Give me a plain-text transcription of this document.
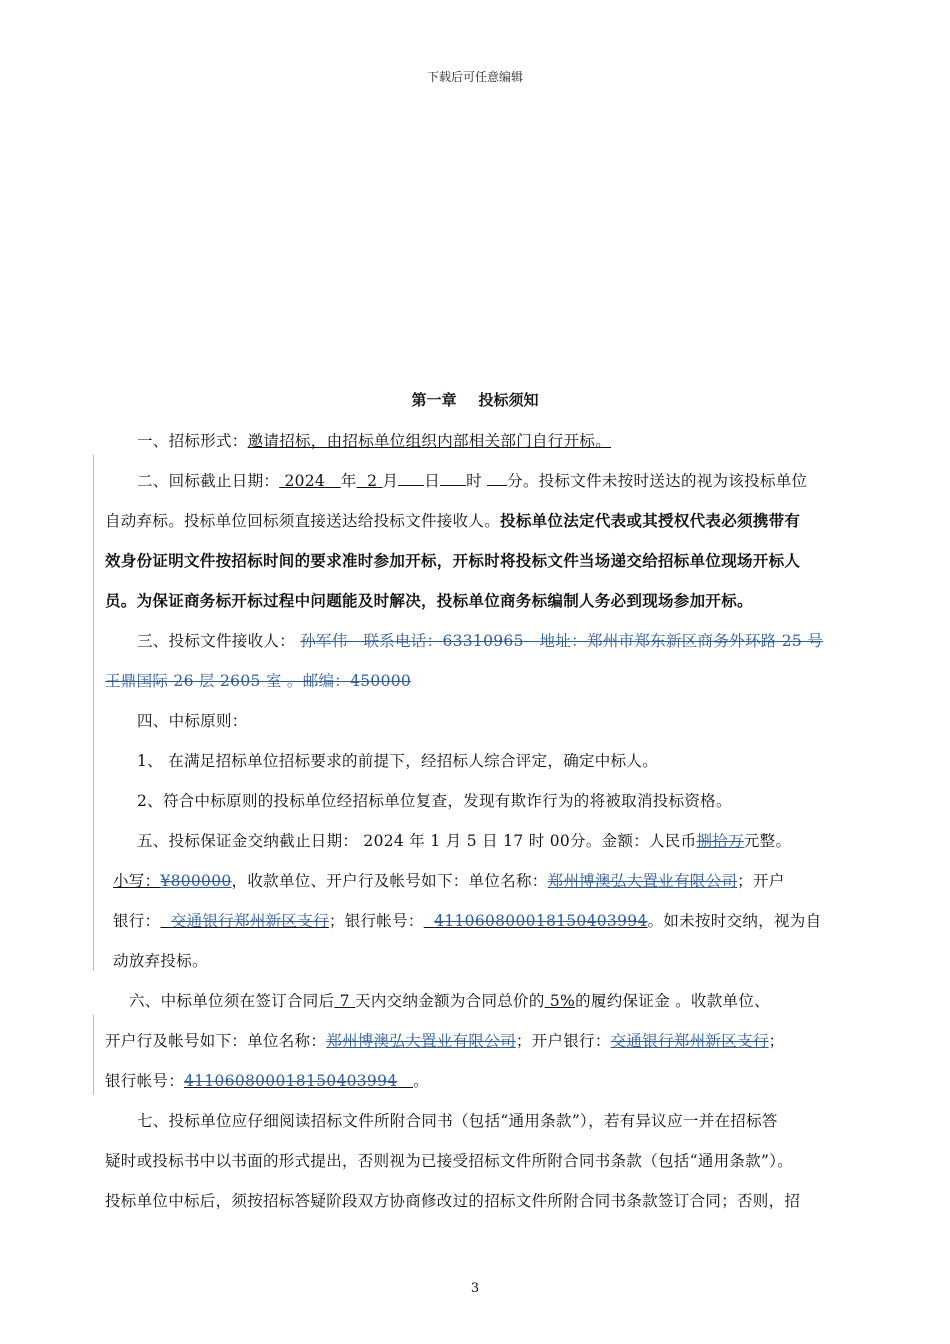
下载后可任意编辑
第一章 投标须知
一、招标形式：邀请招标，由招标单位组织内部相关部门自行开标。
二、回标截止日期： 2024 年 2 月 日 时 分。投标文件未按时送达的视为该投标单位
自动弃标。投标单位回标须直接送达给投标文件接收人。投标单位法定代表或其授权代表必须携带有
效身份证明文件按招标时间的要求准时参加开标，开标时将投标文件当场递交给招标单位现场开标人
员。为保证商务标开标过程中问题能及时解决，投标单位商务标编制人务必到现场参加开标。
三、投标文件接收人： 孙军伟　联系电话：63310965　地址：郑州市郑东新区商务外环路 25 号
王鼎国际 26 层 2605 室 。邮编：450000
四、中标原则：
1、 在满足招标单位招标要求的前提下，经招标人综合评定，确定中标人。
2、符合中标原则的投标单位经招标单位复查，发现有欺诈行为的将被取消投标资格。
五、投标保证金交纳截止日期： 2024 年 1 月 5 日 17 时 00分。金额：人民币捌拾万元整。
小写：¥800000，收款单位、开户行及帐号如下：单位名称：郑州博澳弘大置业有限公司；开户
银行： 交通银行郑州新区支行；银行帐号： 411060800018150403994。如未按时交纳，视为自
动放弃投标。
六、中标单位须在签订合同后 7 天内交纳金额为合同总价的 5%的履约保证金 。收款单位、
开户行及帐号如下：单位名称：郑州博澳弘大置业有限公司；开户银行：交通银行郑州新区支行；
银行帐号：411060800018150403994 。
七、投标单位应仔细阅读招标文件所附合同书（包括“通用条款”），若有异议应一并在招标答
疑时或投标书中以书面的形式提出，否则视为已接受招标文件所附合同书条款（包括“通用条款”）。
投标单位中标后，须按招标答疑阶段双方协商修改过的招标文件所附合同书条款签订合同；否则，招
3
